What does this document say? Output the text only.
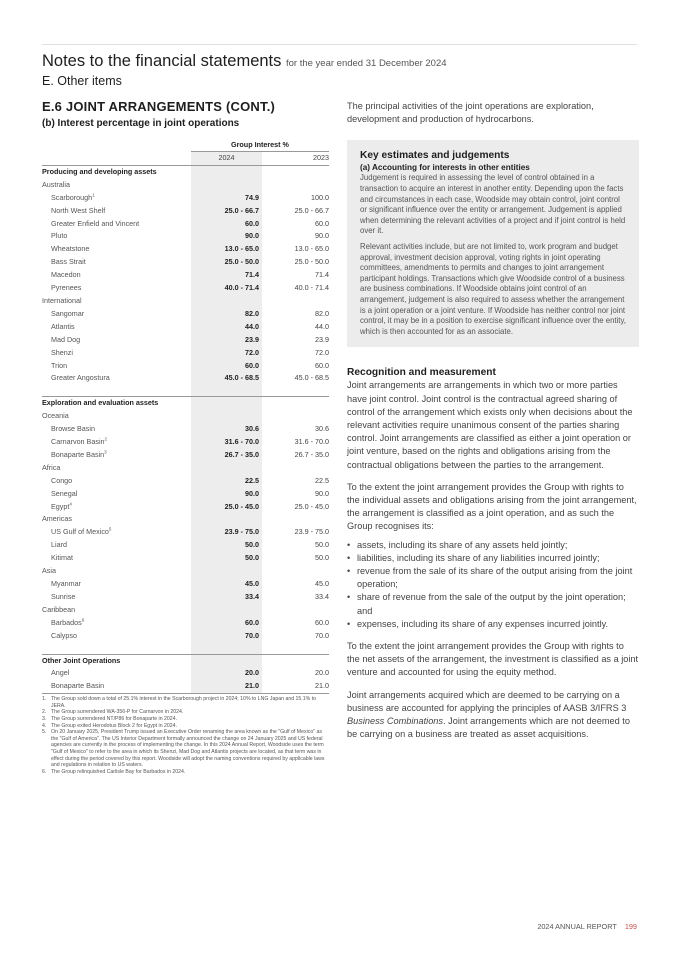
Notes to the financial statements for the year ended 31 December 2024
E. Other items
E.6 JOINT ARRANGEMENTS (CONT.)
(b) Interest percentage in joint operations
	Group Interest %	
	2024	2023
Producing and developing assets		
Australia		
Scarborough$^1$	74.9	100.0
North West Shelf	25.0 - 66.7	25.0 - 66.7
Greater Enfield and Vincent	60.0	60.0
Pluto	90.0	90.0
Wheatstone	13.0 - 65.0	13.0 - 65.0
Bass Strait	25.0 - 50.0	25.0 - 50.0
Macedon	71.4	71.4
Pyrenees	40.0 - 71.4	40.0 - 71.4
International		
Sangomar	82.0	82.0
Atlantis	44.0	44.0
Mad Dog	23.9	23.9
Shenzi	72.0	72.0
Trion	60.0	60.0
Greater Angostura	45.0 - 68.5	45.0 - 68.5

Exploration and evaluation assets		
Oceania		
Browse Basin	30.6	30.6
Carnarvon Basin$^2$	31.6 - 70.0	31.6 - 70.0
Bonaparte Basin$^3$	26.7 - 35.0	26.7 - 35.0
Africa		
Congo	22.5	22.5
Senegal	90.0	90.0
Egypt$^4$	25.0 - 45.0	25.0 - 45.0
Americas		
US Gulf of Mexico$^5$	23.9 - 75.0	23.9 - 75.0
Liard	50.0	50.0
Kitimat	50.0	50.0
Asia		
Myanmar	45.0	45.0
Sunrise	33.4	33.4
Caribbean		
Barbados$^6$	60.0	60.0
Calypso	70.0	70.0

Other Joint Operations		
Angel	20.0	20.0
Bonaparte Basin	21.0	21.0
1. The Group sold down a total of 25.1% interest in the Scarborough project in 2024; 10% to LNG Japan and 15.1% to JERA.
2. The Group surrendered WA-356-P for Carnarvon in 2024.
3. The Group surrendered NT/P86 for Bonaparte in 2024.
4. The Group exited Herodotus Block 2 for Egypt in 2024.
5. On 20 January 2025, President Trump issued an Executive Order renaming the area known as the "Gulf of Mexico" as the "Gulf of America". The US Interior Department formally announced the change on 24 January 2025 and US federal agencies are currently in the process of implementing the change. In this 2024 Annual Report, Woodside uses the term "Gulf of Mexico" to refer to the area in which its Shenzi, Mad Dog and Atlantis projects are located, as that term was in effect during the period covered by this report. Woodside will adopt the naming conventions required by applicable laws and regulations in relation to US waters.
6. The Group relinquished Carlisle Bay for Barbados in 2024.

The principal activities of the joint operations are exploration, development and production of hydrocarbons.

Key estimates and judgements
(a) Accounting for interests in other entities

Judgement is required in assessing the level of control obtained in a transaction to acquire an interest in another entity. Depending upon the facts and circumstances in each case, Woodside may obtain control, joint control or significant influence over the entity or arrangement. Judgement is applied when determining the relevant activities of a project and if joint control is held over it.

Relevant activities include, but are not limited to, work program and budget approval, investment decision approval, voting rights in joint operating committees, amendments to permits and changes to joint arrangement participant holdings. Transactions which give Woodside control of a business are business combinations. If Woodside obtains joint control of an arrangement, judgement is also required to assess whether the arrangement is a joint operation or a joint venture. If Woodside has neither control nor joint control, it may be in a position to exercise significant influence over the entity, which is then accounted for as an associate.

Recognition and measurement

Joint arrangements are arrangements in which two or more parties have joint control. Joint control is the contractual agreed sharing of control of the arrangement which exists only when decisions about the relevant activities require unanimous consent of the parties sharing control. Joint arrangements are classified as either a joint operation or joint venture, based on the rights and obligations arising from the contractual obligations between the parties to the arrangement.

To the extent the joint arrangement provides the Group with rights to the individual assets and obligations arising from the joint arrangement, the arrangement is classified as a joint operation, and as such the Group recognises its:

• assets, including its share of any assets held jointly;
• liabilities, including its share of any liabilities incurred jointly;
• revenue from the sale of its share of the output arising from the joint operation;
• share of revenue from the sale of the output by the joint operation; and
• expenses, including its share of any expenses incurred jointly.

To the extent the joint arrangement provides the Group with rights to the net assets of the arrangement, the investment is classified as a joint venture and accounted for using the equity method.

Joint arrangements acquired which are deemed to be carrying on a business are accounted for applying the principles of AASB 3/IFRS 3 Business Combinations. Joint arrangements which are not deemed to be carrying on a business are treated as asset acquisitions.

2024 ANNUAL REPORT 199
